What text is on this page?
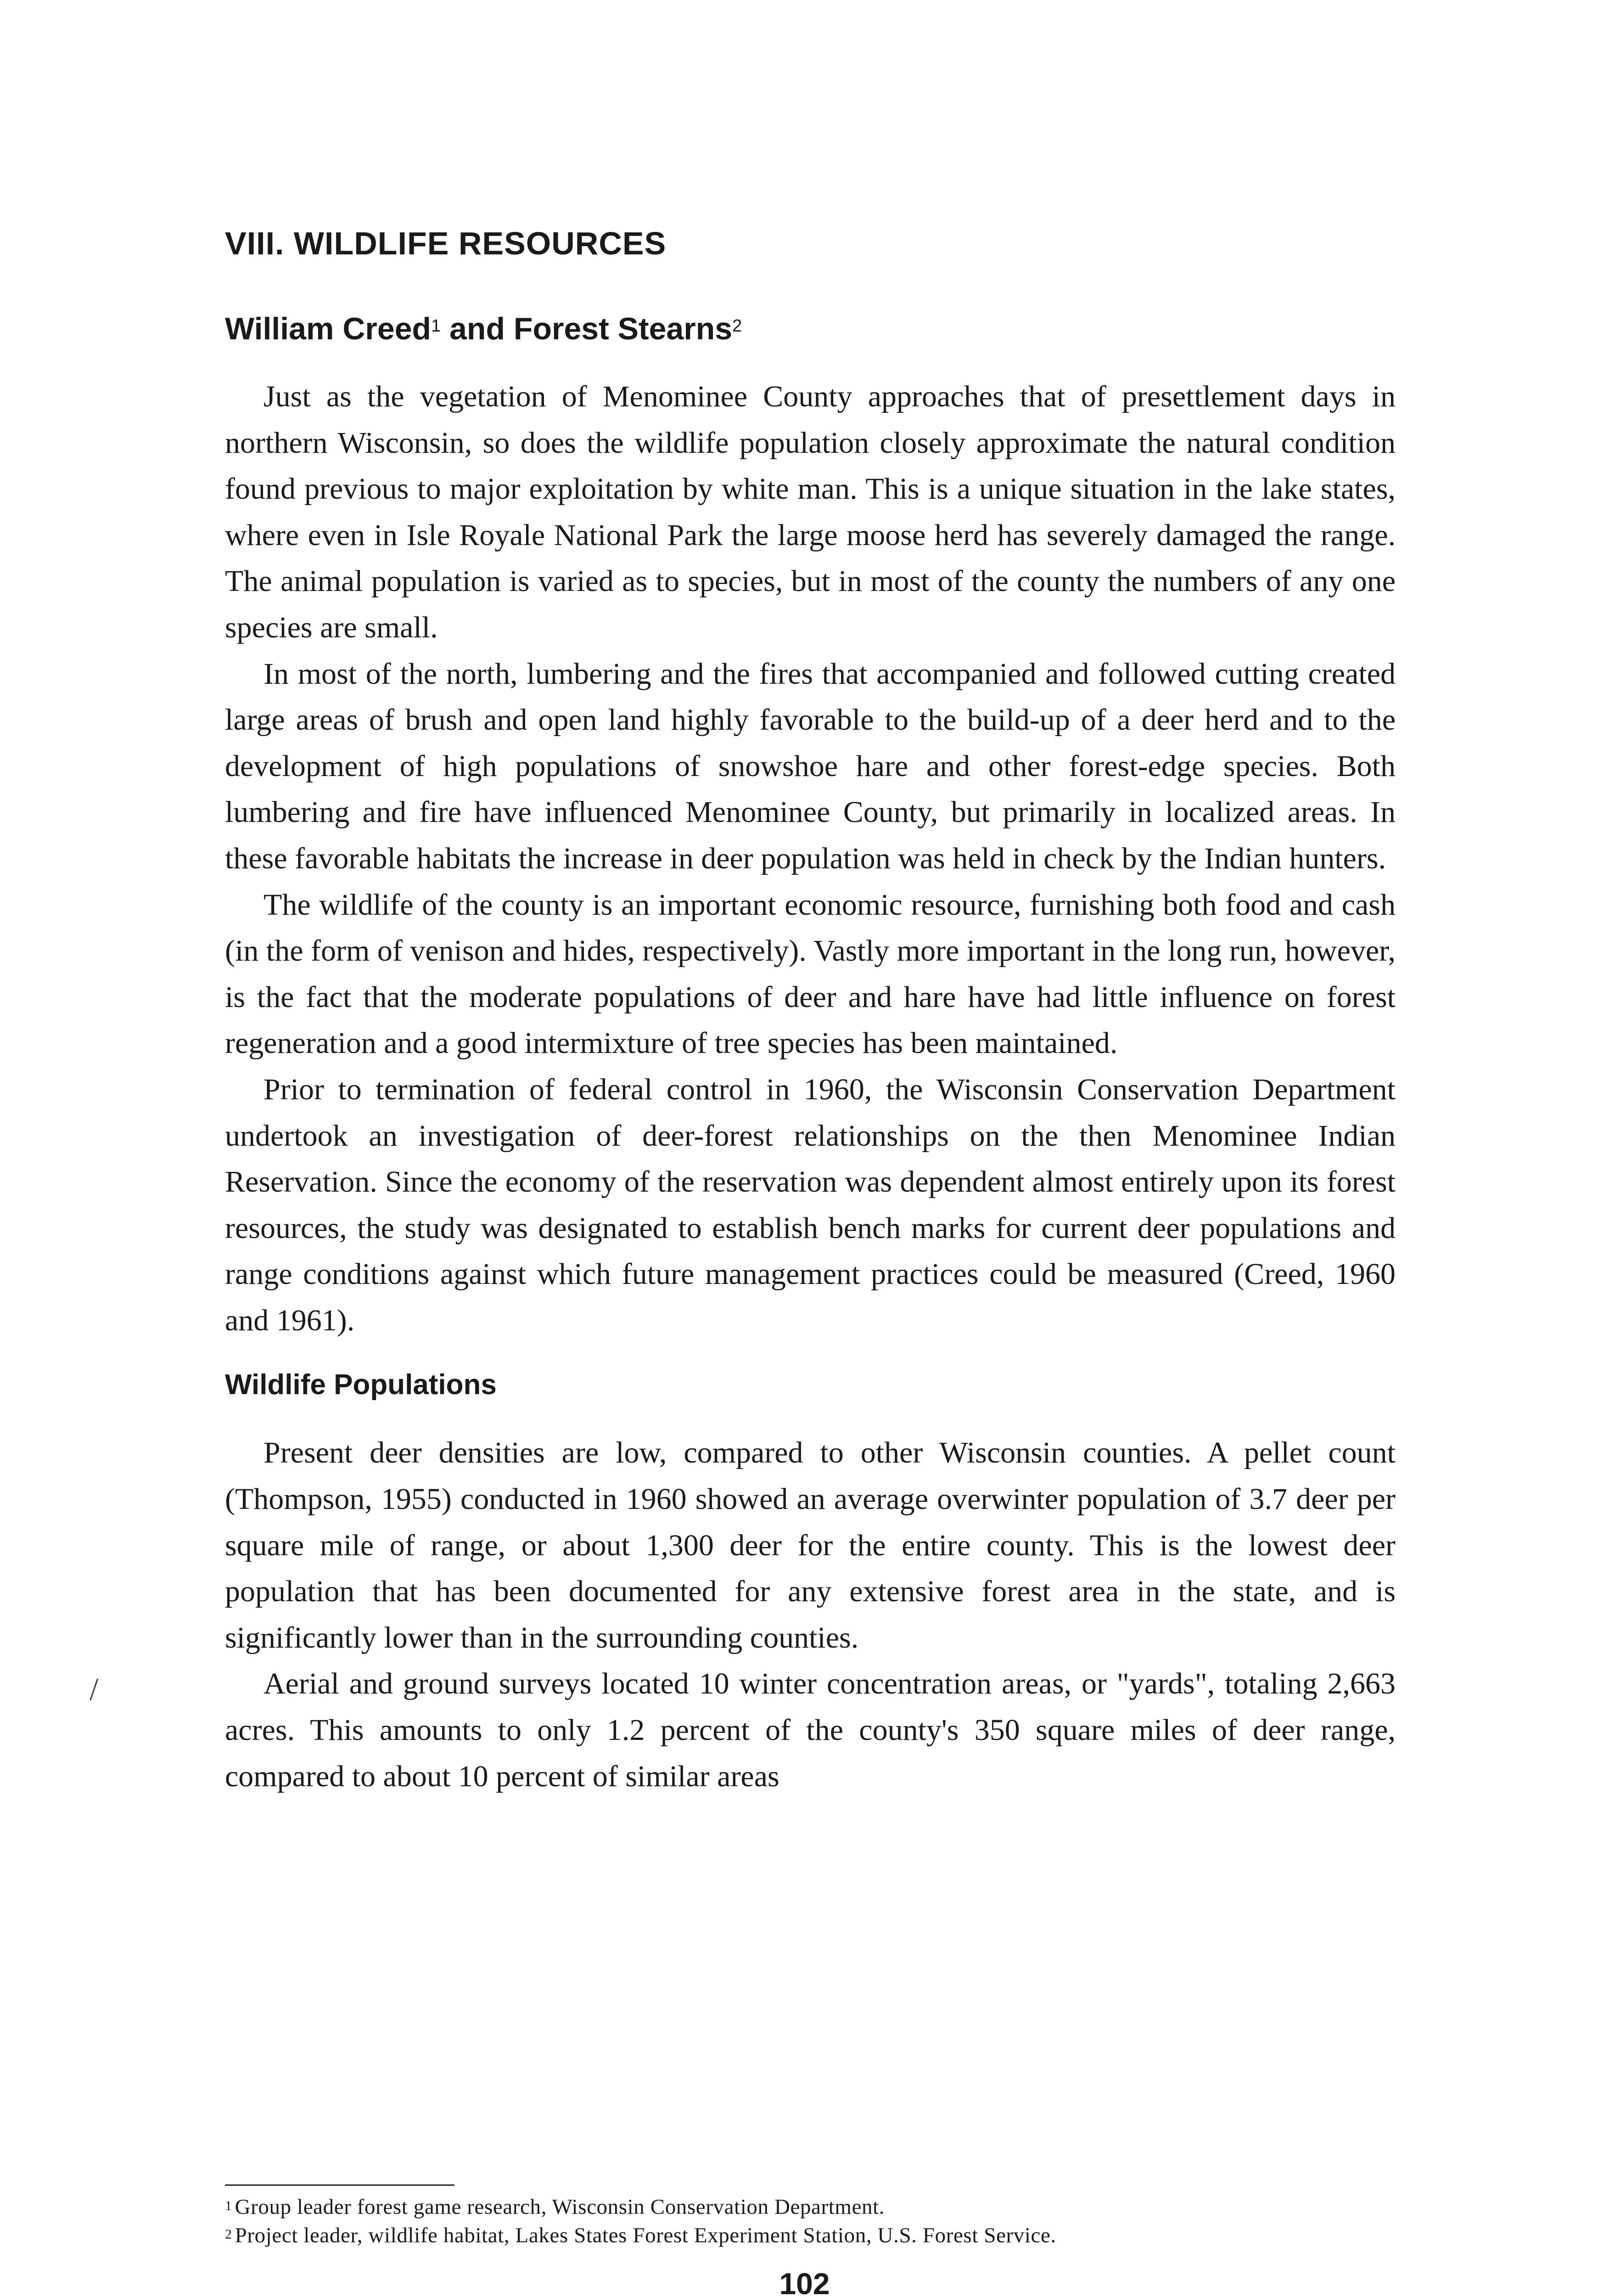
VIII. WILDLIFE RESOURCES
William Creed$^1$ and Forest Stearns$^2$

Just as the vegetation of Menominee County approaches that of presettlement days in northern Wisconsin, so does the wildlife population closely approximate the natural condition found previous to major exploitation by white man. This is a unique situation in the lake states, where even in Isle Royale National Park the large moose herd has severely damaged the range. The animal population is varied as to species, but in most of the county the numbers of any one species are small.

In most of the north, lumbering and the fires that accompanied and followed cutting created large areas of brush and open land highly favorable to the build-up of a deer herd and to the development of high populations of snowshoe hare and other forest-edge species. Both lumbering and fire have influenced Menominee County, but primarily in localized areas. In these favorable habitats the increase in deer population was held in check by the Indian hunters.

The wildlife of the county is an important economic resource, furnishing both food and cash (in the form of venison and hides, respectively). Vastly more important in the long run, however, is the fact that the moderate populations of deer and hare have had little influence on forest regeneration and a good intermixture of tree species has been maintained.

Prior to termination of federal control in 1960, the Wisconsin Conservation Department undertook an investigation of deer-forest relationships on the then Menominee Indian Reservation. Since the economy of the reservation was dependent almost entirely upon its forest resources, the study was designated to establish bench marks for current deer populations and range conditions against which future management practices could be measured (Creed, 1960 and 1961).

Wildlife Populations

Present deer densities are low, compared to other Wisconsin counties. A pellet count (Thompson, 1955) conducted in 1960 showed an average overwinter population of 3.7 deer per square mile of range, or about 1,300 deer for the entire county. This is the lowest deer population that has been documented for any extensive forest area in the state, and is significantly lower than in the surrounding counties.

Aerial and ground surveys located 10 winter concentration areas, or "yards", totaling 2,663 acres. This amounts to only 1.2 percent of the county's 350 square miles of deer range, compared to about 10 percent of similar areas

/

$^1$ Group leader forest game research, Wisconsin Conservation Department.

$^2$ Project leader, wildlife habitat, Lakes States Forest Experiment Station, U.S. Forest Service.

102
